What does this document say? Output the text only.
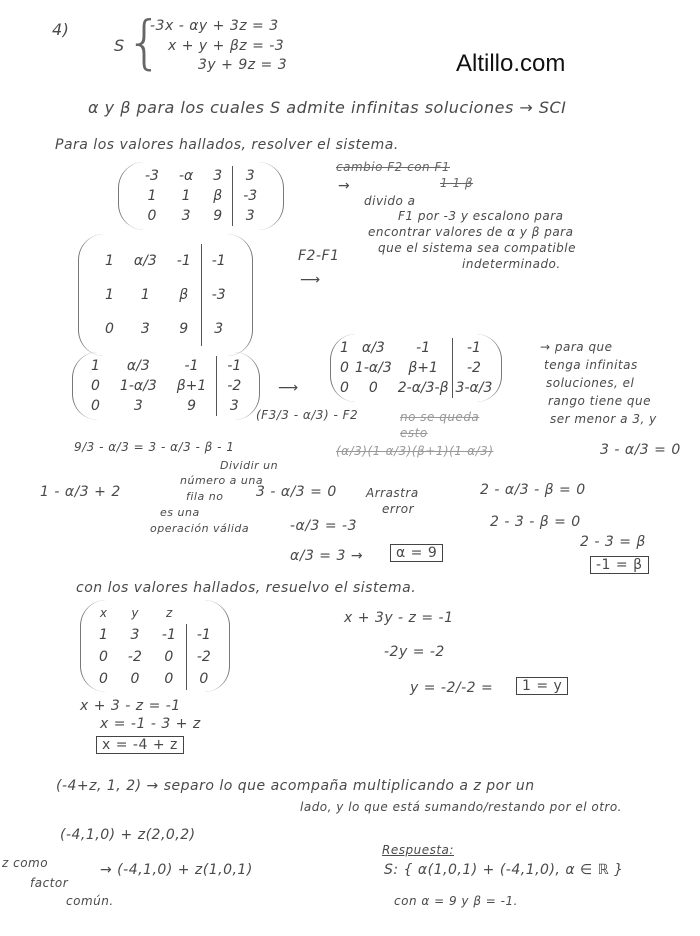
4)
S {
-3x - αy + 3z = 3
x + y + βz = -3
3y + 9z = 3	Altillo.com
α y β para los cuales S admite infinitas soluciones → SCI
Para los valores hallados, resolver el sistema.
-3	-α	3	3
1	1	β	-3
0	3	9	3
cambio F2 con F1
1 1 β
→
divido a
F1 por -3 y escalono para
encontrar valores de α y β para
que el sistema sea compatible
indeterminado.
1	α/3	-1	-1
1	1	β	-3
0	3	9	3
F2-F1
⟶
1	α/3	-1	-1
0	1-α/3	β+1	-2
0	3	9	3
⟶
(F3/3 - α/3) - F2
1	α/3	-1	-1
0	1-α/3	β+1	-2
0	0	2-α/3-β	3-α/3
→ para que
tenga infinitas
soluciones, el
rango tiene que
ser menor a 3, y
no se queda
esto
(α/3)(1-α/3)(β+1)(1-α/3)
9/3 - α/3 = 3 - α/3 - β - 1
Dividir un
número a una
fila no
es una
operación válida
1 - α/3 + 2	3 - α/3 = 0
-α/3 = -3
α/3 = 3 →	α = 9
Arrastra
error
3 - α/3 = 0
2 - α/3 - β = 0
2 - 3 - β = 0
2 - 3 = β
-1 = β
con los valores hallados, resuelvo el sistema.
x	y	z	
1	3	-1	-1
0	-2	0	-2
0	0	0	0
x + 3y - z = -1
-2y = -2
y = -2/-2 =	1 = y
x + 3 - z = -1
x = -1 - 3 + z
x = -4 + z
(-4+z, 1, 2) → separo lo que acompaña multiplicando a z por un
lado, y lo que está sumando/restando por el otro.
(-4,1,0) + z(2,0,2)
z como
factor
común.
→ (-4,1,0) + z(1,0,1)
Respuesta:
S: { α(1,0,1) + (-4,1,0), α ∈ ℝ }
con α = 9 y β = -1.
